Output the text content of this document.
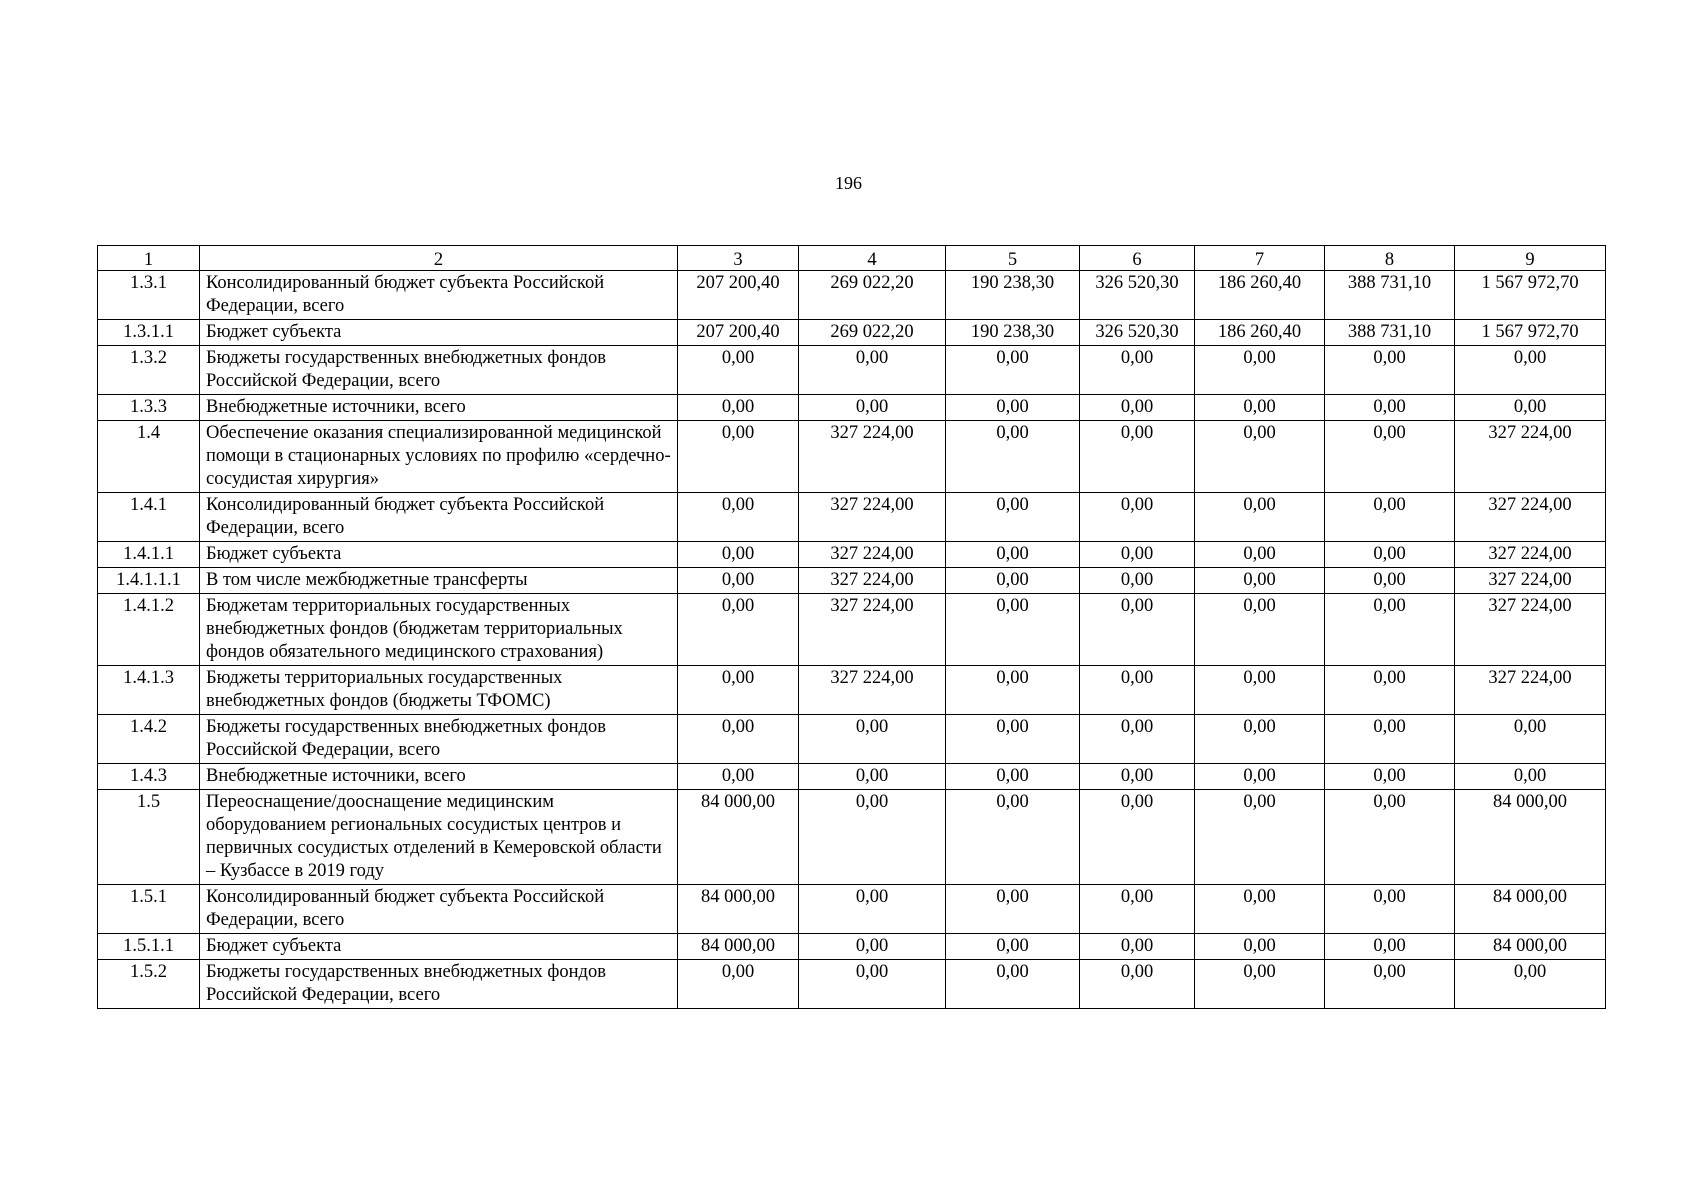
196
1	2	3	4	5	6	7	8	9
1.3.1	Консолидированный бюджет субъекта Российской Федерации, всего	207 200,40	269 022,20	190 238,30	326 520,30	186 260,40	388 731,10	1 567 972,70
1.3.1.1	Бюджет субъекта	207 200,40	269 022,20	190 238,30	326 520,30	186 260,40	388 731,10	1 567 972,70
1.3.2	Бюджеты государственных внебюджетных фондов Российской Федерации, всего	0,00	0,00	0,00	0,00	0,00	0,00	0,00
1.3.3	Внебюджетные источники, всего	0,00	0,00	0,00	0,00	0,00	0,00	0,00
1.4	Обеспечение оказания специализированной медицинской помощи в стационарных условиях по профилю «сердечно-сосудистая хирургия»	0,00	327 224,00	0,00	0,00	0,00	0,00	327 224,00
1.4.1	Консолидированный бюджет субъекта Российской Федерации, всего	0,00	327 224,00	0,00	0,00	0,00	0,00	327 224,00
1.4.1.1	Бюджет субъекта	0,00	327 224,00	0,00	0,00	0,00	0,00	327 224,00
1.4.1.1.1	В том числе межбюджетные трансферты	0,00	327 224,00	0,00	0,00	0,00	0,00	327 224,00
1.4.1.2	Бюджетам территориальных государственных внебюджетных фондов (бюджетам территориальных фондов обязательного медицинского страхования)	0,00	327 224,00	0,00	0,00	0,00	0,00	327 224,00
1.4.1.3	Бюджеты территориальных государственных внебюджетных фондов (бюджеты ТФОМС)	0,00	327 224,00	0,00	0,00	0,00	0,00	327 224,00
1.4.2	Бюджеты государственных внебюджетных фондов Российской Федерации, всего	0,00	0,00	0,00	0,00	0,00	0,00	0,00
1.4.3	Внебюджетные источники, всего	0,00	0,00	0,00	0,00	0,00	0,00	0,00
1.5	Переоснащение/дооснащение медицинским оборудованием региональных сосудистых центров и первичных сосудистых отделений в Кемеровской области – Кузбассе в 2019 году	84 000,00	0,00	0,00	0,00	0,00	0,00	84 000,00
1.5.1	Консолидированный бюджет субъекта Российской Федерации, всего	84 000,00	0,00	0,00	0,00	0,00	0,00	84 000,00
1.5.1.1	Бюджет субъекта	84 000,00	0,00	0,00	0,00	0,00	0,00	84 000,00
1.5.2	Бюджеты государственных внебюджетных фондов Российской Федерации, всего	0,00	0,00	0,00	0,00	0,00	0,00	0,00
